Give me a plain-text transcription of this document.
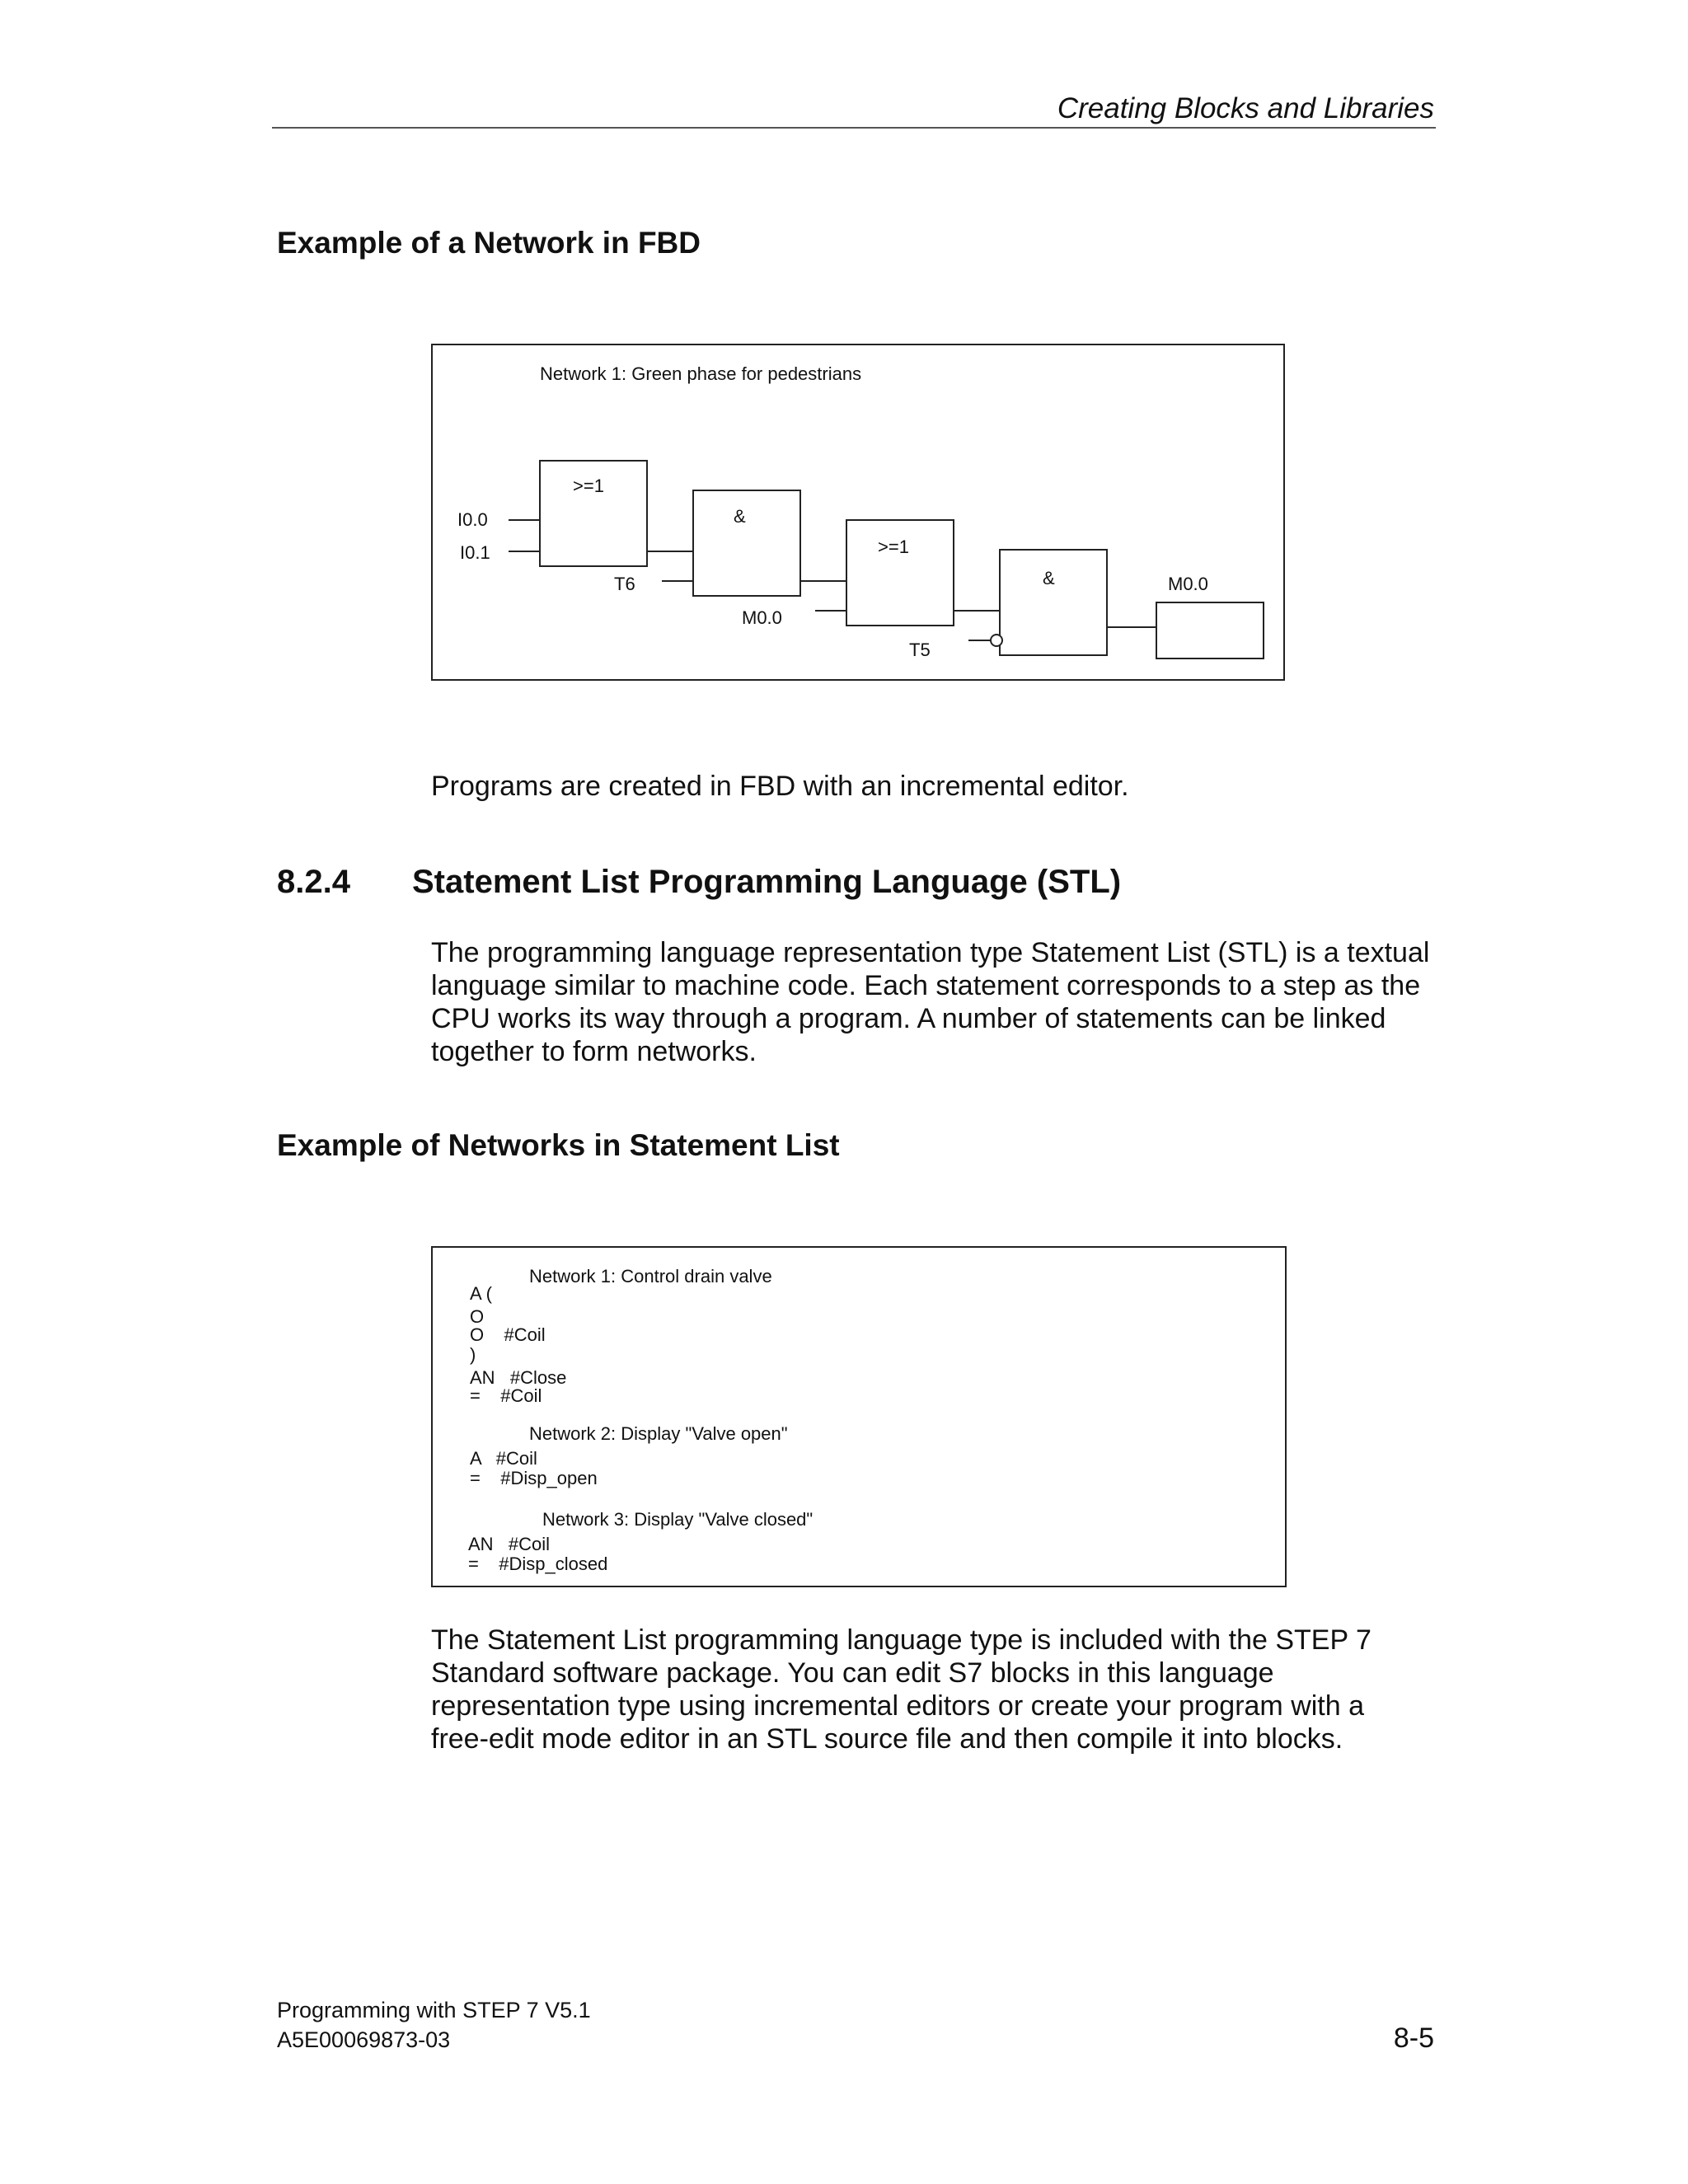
Creating Blocks and Libraries
Example of a Network in FBD
Network 1: Green phase for pedestrians
>=1
I0.0
I0.1
&
T6
>=1
M0.0
&
T5
M0.0
Programs are created in FBD with an incremental editor.
8.2.4 Statement List Programming Language (STL)
The programming language representation type Statement List (STL) is a textual
language similar to machine code. Each statement corresponds to a step as the
CPU works its way through a program. A number of statements can be linked
together to form networks.
Example of Networks in Statement List
Network 1: Control drain valve
A (
O
O    #Coil
)
AN   #Close
=    #Coil
Network 2: Display "Valve open"
A   #Coil
=    #Disp_open
Network 3: Display "Valve closed"
AN   #Coil
=    #Disp_closed
The Statement List programming language type is included with the STEP 7
Standard software package. You can edit S7 blocks in this language
representation type using incremental editors or create your program with a
free-edit mode editor in an STL source file and then compile it into blocks.
Programming with STEP 7 V5.1
A5E00069873-03	8-5
